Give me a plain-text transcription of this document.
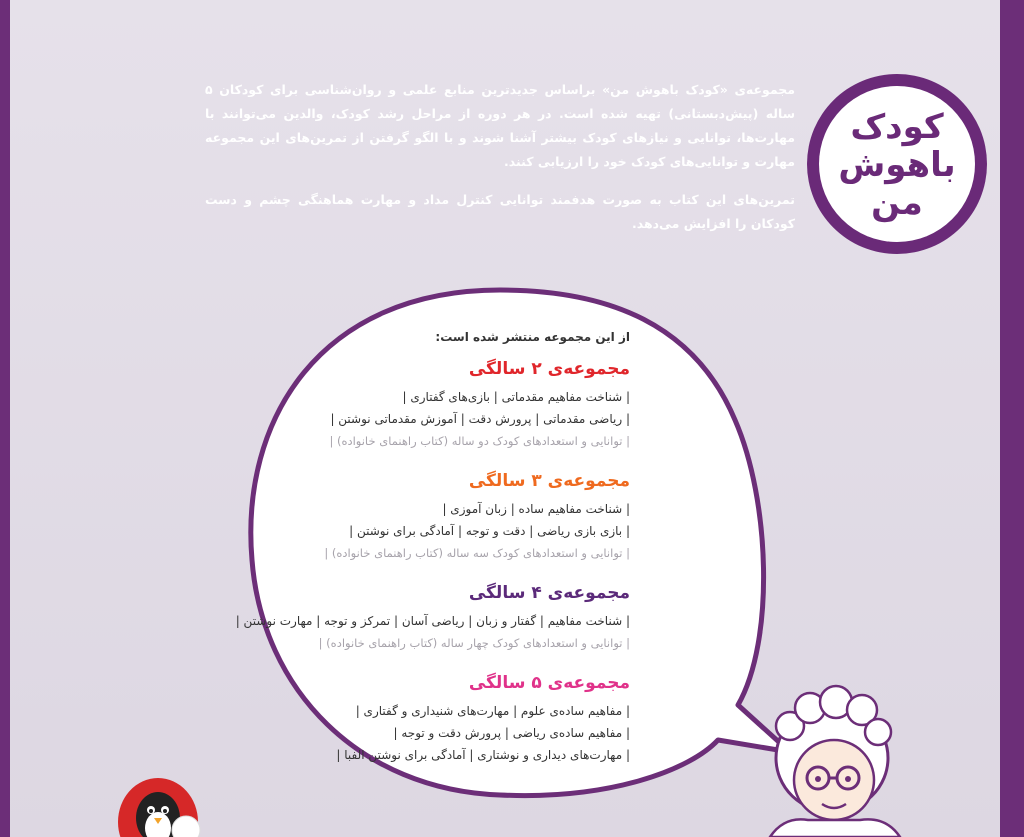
مجموعه‌ی «کودک باهوش من» براساس جدیدترین منابع علمی و روان‌شناسی برای کودکان ۵ ساله (پیش‌دبستانی) تهیه شده است. در هر دوره از مراحل رشد کودک، والدین می‌توانند با مهارت‌ها، توانایی و نیازهای کودک بیشتر آشنا شوند و با الگو گرفتن از تمرین‌های این مجموعه مهارت و توانایی‌های کودک خود را ارزیابی کنند.

تمرین‌های این کتاب به صورت هدفمند توانایی کنترل مداد و مهارت هماهنگی چشم و دست کودکان را افزایش می‌دهد.

کودک
باهوش
من

از این مجموعه منتشر شده است:

مجموعه‌ی ۲ سالگی

| شناخت مفاهیم مقدماتی | بازی‌های گفتاری |

| ریاضی مقدماتی | پرورش دقت | آموزش مقدماتی نوشتن |

| توانایی و استعدادهای کودک دو ساله (کتاب راهنمای خانواده) |

مجموعه‌ی ۳ سالگی

| شناخت مفاهیم ساده | زبان آموزی |

| بازی بازی ریاضی | دقت و توجه | آمادگی برای نوشتن |

| توانایی و استعدادهای کودک سه ساله (کتاب راهنمای خانواده) |

مجموعه‌ی ۴ سالگی

| شناخت مفاهیم | گفتار و زبان | ریاضی آسان | تمرکز و توجه | مهارت نوشتن |

| توانایی و استعدادهای کودک چهار ساله (کتاب راهنمای خانواده) |

مجموعه‌ی ۵ سالگی

| مفاهیم ساده‌ی علوم | مهارت‌های شنیداری و گفتاری |

| مفاهیم ساده‌ی ریاضی | پرورش دقت و توجه |

| مهارت‌های دیداری و نوشتاری | آمادگی برای نوشتن الفبا |
